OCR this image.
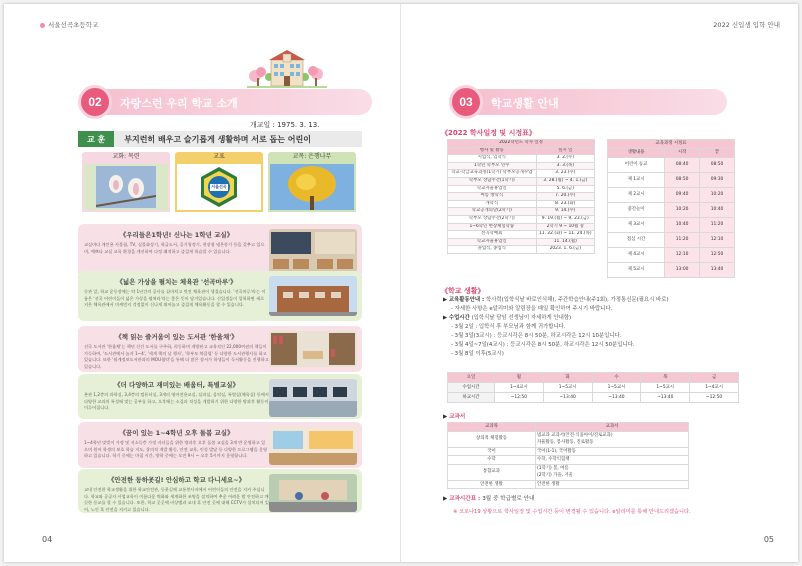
서울선곡초등학교
02	자랑스런 우리 학교 소개
개교일 : 1975. 3. 13.
교 훈	부지런히 배우고 슬기롭게 생활하며 서로 돕는 어린이
교화: 목련	교표
서울선곡
교목: 은행나무
《우리들은1학년! 신나는 1학년 교실》

교실마다 개인용 사물함, TV, 실물화상기, 학급도서, 공기청정기, 천장형 냉온풍기 등을 갖추고 있으며, 예쁘다 교실 교육 환경을 개선하여 다정 쾌적하고 즐겁게 학습할 수 있습니다.

《넓은 가상을 펼치는 체육관 '선곡마루'》

동관 앞, 학교 운동장에는 약 1년간의 공사를 끝마치고 멋진 체육관이 생겼습니다. '선곡마루'라는 이름은 '선곡 어린이들이 넓은 가상을 펼쳐라'라는 좋은 뜻이 담겨있습니다. 신입생들이 입학하면 새로 지은 체육관에서 미세먼지 걱정없이 신나게 뛰어놀고 즐겁게 체육활동을 할 수 있습니다.

《책 읽는 즐거움이 있는 도서관 '한울채'》

선곡 도서관 '한울채'는 책년 신간 도서를 구주하, 희동하며 개방된고 교육적인 22,000여권의 책들이 가득하여, '도서관에서 놀자 1~4', '세계 책의 날 행사', '학부모 북클럽' 등 다양한 도서관행사를 하고 있습니다. 또한 '월계정보도서관과의 MOU협약'을 통해 더 많은 장서가 학생들이 독서활동을 진행하고 있습니다.

《더 다양하고 재미있는 배움터, 특별교실》

본관 1,2층의 과학실, 3,4층의 컴퓨터실, 3개의 영어전용교실, 실과실, 음악실, 특별실(체육실) 등에서 다양한 교과의 특성에 맞는 공부를 하고, 오후에는 소질과 적성을 개발하기 위한 다양한 방과후 활동이 이루어집니다.

《꿈이 있는 1~4학년 오후 돌봄 교실》

1~4학년 맞벌이 가정 및 저소득층 가정 자녀들을 위한 방과후 오후 돌봄 교실을 3개 반 운영하고 있으며 원어 학생의 보호 학습 지도, 창의적 개발 활동, 안전 교육, 인성 발달 등 다양한 프로그램을 운영하고 있습니다. 학기 중에는 마칠 시간, 방학 중에는 오전 9시 ~ 오후 5시까지 운영합니다.

《안전한 등하굣길! 안심하고 학교 다니세요~》

교내 안전한 학교생활을 위한 학교안전관, 등굣길에 교통봉사자에서 어린이들의 안전을 지켜 주십니다. 학교와 공공자 사업교육이 이름다운 벽화와 세계화한 조명을 설치하여 추운 어려운 밤 안전하고 깨끗한 등교를 할 수 있습니다. 또한, 학교 곳곳에 비상벨과 교내 혹 안전 곳에 대해 CCTV가 설치되어 있어, 노인 혹 안전을 지키고 있습니다.

04
2022 신입생 입학 안내
03	학교생활 안내
《2022 학사일정 및 시정표》
2022학년도 학사 일정	
행사 및 활동	실시 일
시업식, 입학식	3. 2.(수)
1학년 학부모 연수	3. 3.(목)
학교·학급교육과정(1학기) 학부모공개수업	3. 23.(수)
학부모 상담주간(1학기)	3. 28.(월) ~ 4. 1.(금)
학교자율휴업일	5. 6.(금)
여름 방학식	7. 20.(수)
개학식	8. 23.(화)
학교공개의날(2학기)	9. 14.(수)
학부모 상담주간(2학기)	9. 19.(월) ~ 9. 23.(금)
1~6학년 현장체험학습	2학기 9 ~ 10월 중
선곡학예회	11. 22.(화) ~ 11. 24.(목)
학교자율휴업일	11. 14.(월)
졸업식, 종업식	2023. 1. 6.(금)
교육과정 시정표		
생활내용	시작	끝
어린이 등교	08:40	08:50
제 1교시	08:50	09:30
제 2교시	09:40	10:20
중간놀이	10:20	10:40
제 3교시	10:40	11:20
점심 시간	11:20	12:10
제 4교시	12:10	12:50
제 5교시	13:00	13:40
《학교 생활》
▶ 교육활동안내 : 학사력(입학식날 바로인식해), 주간학습안내(주1회), 가정통신문(필요시 바로)
- 자세한 사항은 e알리미와 알림장을 매일 확인하여 주시기 바랍니다.
▶ 수업시간 (입학식날 담임 선생님이 자세하게 안내함)
- 3월 2일 : 입학식 후 부모님과 함께 귀가합니다.
- 3월 3일(3교시) : 등교시각은 8시 50분, 하교시각은 12시 10분입니다.
- 3월 4일~7일(4교시) : 등교시각은 8시 50분, 하교시각은 12시 50분입니다.
- 3월 8일 이후(5교시)
요일	월	화	수	목	금
수업시간	1~4교시	1~5교시	1~5교시	1~5교시	1~4교시
하교시간	~12:50	~13:40	~13:40	~13:40	~12:50
▶ 교과서
교과목	교과서
창의적 체험활동	범교과 교과서(안전·식품아이/진로교과)
자율활동, 봉사활동, 진로활동
국어	국어(1-1), 국어활동
수학	수학, 수학익힘책
통합교과	(1학기) 봄, 여름
(2학기) 가을, 겨울
안전한 생활	안전한 생활
▶ 교과시간표 : 3월 중 학급별로 안내
※ 코로나19 상황으로 학사일정 및 수업시간 등이 변경될 수 있습니다. e알리미를 통해 안내드리겠습니다.
05
